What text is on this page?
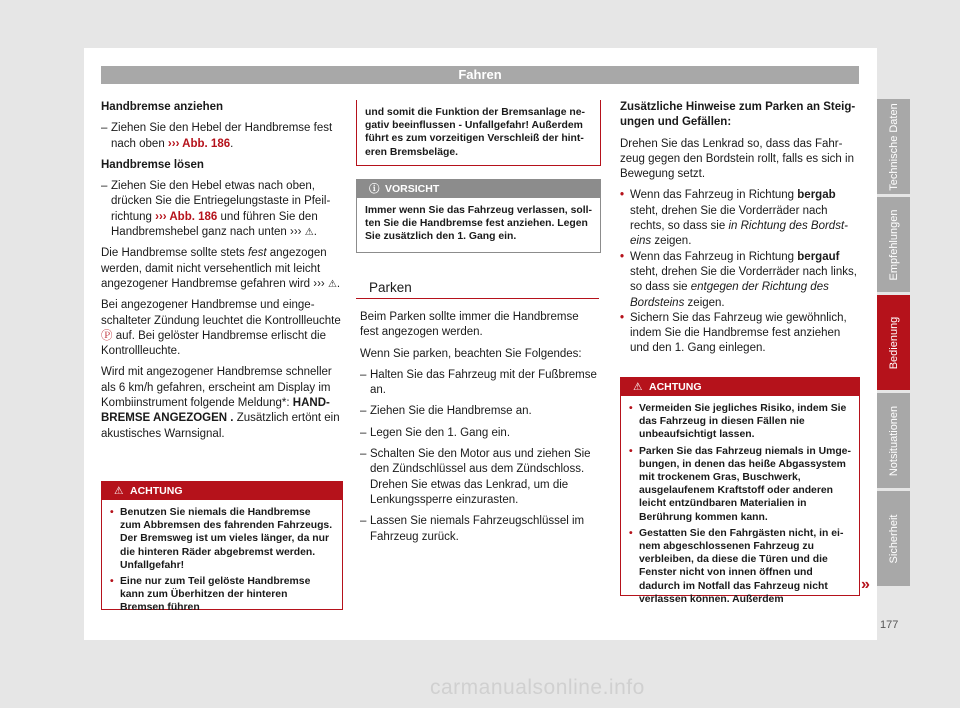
Fahren

Handbremse anziehen

– Ziehen Sie den Hebel der Handbremse fest nach oben ››› Abb. 186.

Handbremse lösen

– Ziehen Sie den Hebel etwas nach oben, drücken Sie die Entriegelungstaste in Pfeilrichtung ››› Abb. 186 und führen Sie den Handbremshebel ganz nach unten ››› ⚠.

Die Handbremse sollte stets fest angezogen werden, damit nicht versehentlich mit leicht angezogener Handbremse gefahren wird ››› ⚠.

Bei angezogener Handbremse und eingeschalteter Zündung leuchtet die Kontrollleuchte Ⓟ auf. Bei gelöster Handbremse erlischt die Kontrollleuchte.

Wird mit angezogener Handbremse schneller als 6 km/h gefahren, erscheint am Display im Kombiinstrument folgende Meldung*: HANDBREMSE ANGEZOGEN . Zusätzlich ertönt ein akustisches Warnsignal.

⚠ ACHTUNG

• Benutzen Sie niemals die Handbremse zum Abbremsen des fahrenden Fahrzeugs. Der Bremsweg ist um vieles länger, da nur die hinteren Räder abgebremst werden. Unfallgefahr!

• Eine nur zum Teil gelöste Handbremse kann zum Überhitzen der hinteren Bremsen führen

und somit die Funktion der Bremsanlage negativ beeinflussen - Unfallgefahr! Außerdem führt es zum vorzeitigen Verschleiß der hinteren Bremsbeläge.

ⓘ VORSICHT

Immer wenn Sie das Fahrzeug verlassen, sollten Sie die Handbremse fest anziehen. Legen Sie zusätzlich den 1. Gang ein.

Parken

Beim Parken sollte immer die Handbremse fest angezogen werden.

Wenn Sie parken, beachten Sie Folgendes:

– Halten Sie das Fahrzeug mit der Fußbremse an.

– Ziehen Sie die Handbremse an.

– Legen Sie den 1. Gang ein.

– Schalten Sie den Motor aus und ziehen Sie den Zündschlüssel aus dem Zündschloss. Drehen Sie etwas das Lenkrad, um die Lenkungssperre einzurasten.

– Lassen Sie niemals Fahrzeugschlüssel im Fahrzeug zurück.

Zusätzliche Hinweise zum Parken an Steigungen und Gefällen:

Drehen Sie das Lenkrad so, dass das Fahrzeug gegen den Bordstein rollt, falls es sich in Bewegung setzt.

• Wenn das Fahrzeug in Richtung bergab steht, drehen Sie die Vorderräder nach rechts, so dass sie in Richtung des Bordsteins zeigen.

• Wenn das Fahrzeug in Richtung bergauf steht, drehen Sie die Vorderräder nach links, so dass sie entgegen der Richtung des Bordsteins zeigen.

• Sichern Sie das Fahrzeug wie gewöhnlich, indem Sie die Handbremse fest anziehen und den 1. Gang einlegen.

⚠ ACHTUNG

• Vermeiden Sie jegliches Risiko, indem Sie das Fahrzeug in diesen Fällen nie unbeaufsichtigt lassen.

• Parken Sie das Fahrzeug niemals in Umgebungen, in denen das heiße Abgassystem mit trockenem Gras, Buschwerk, ausgelaufenem Kraftstoff oder anderen leicht entzündbaren Materialien in Berührung kommen kann.

• Gestatten Sie den Fahrgästen nicht, in einem abgeschlossenen Fahrzeug zu verbleiben, da diese die Türen und die Fenster nicht von innen öffnen und dadurch im Notfall das Fahrzeug nicht verlassen können. Außerdem

»
Technische Daten
Empfehlungen
Bedienung
Notsituationen
Sicherheit
177
carmanualsonline.info
